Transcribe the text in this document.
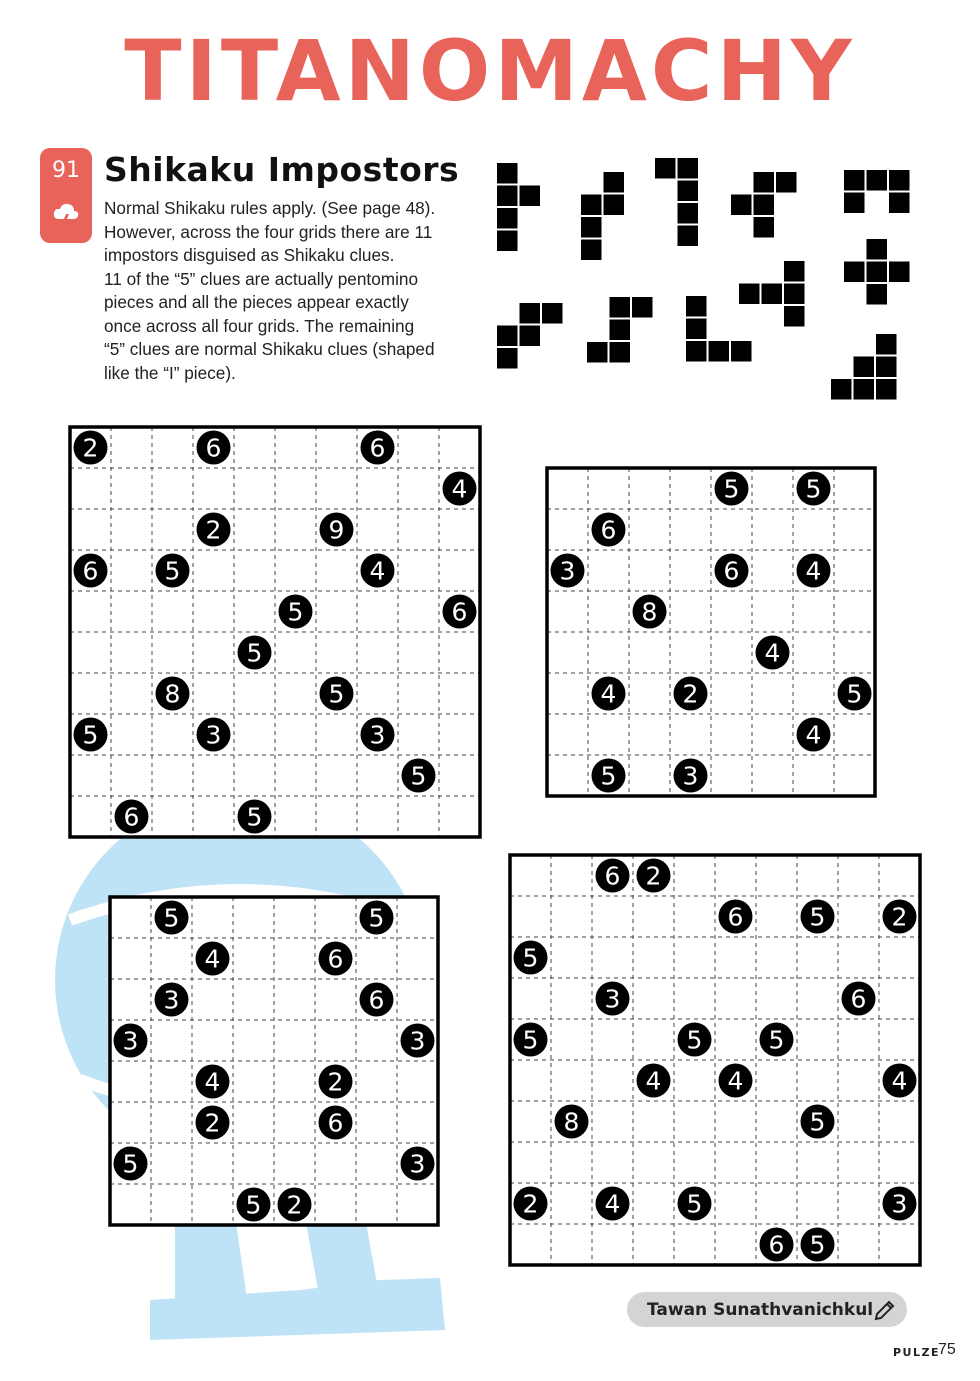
TITANOMACHY
91 Shikaku Impostors

Normal Shikaku rules apply. (See page 48).

However, across the four grids there are 11

impostors disguised as Shikaku clues.

11 of the “5” clues are actually pentomino

pieces and all the pieces appear exactly

once across all four grids. The remaining

“5” clues are normal Shikaku clues (shaped

like the “I” piece).

2	6	6
4
2	9
6	5	4
5	6
5
8	5
5	3	3
5
6	5
5	5
6
3	6	4
8
4
4	2	5
4
5	3
5	5
4	6
3	6
3	3
4	2
2	6
5	3
5 2
6 2
6	5	2
5
3	6
5	5	5
4	4	4
8	5
2	4	5	3
6 5
Tawan Sunathvanichkul
PULZE
75
